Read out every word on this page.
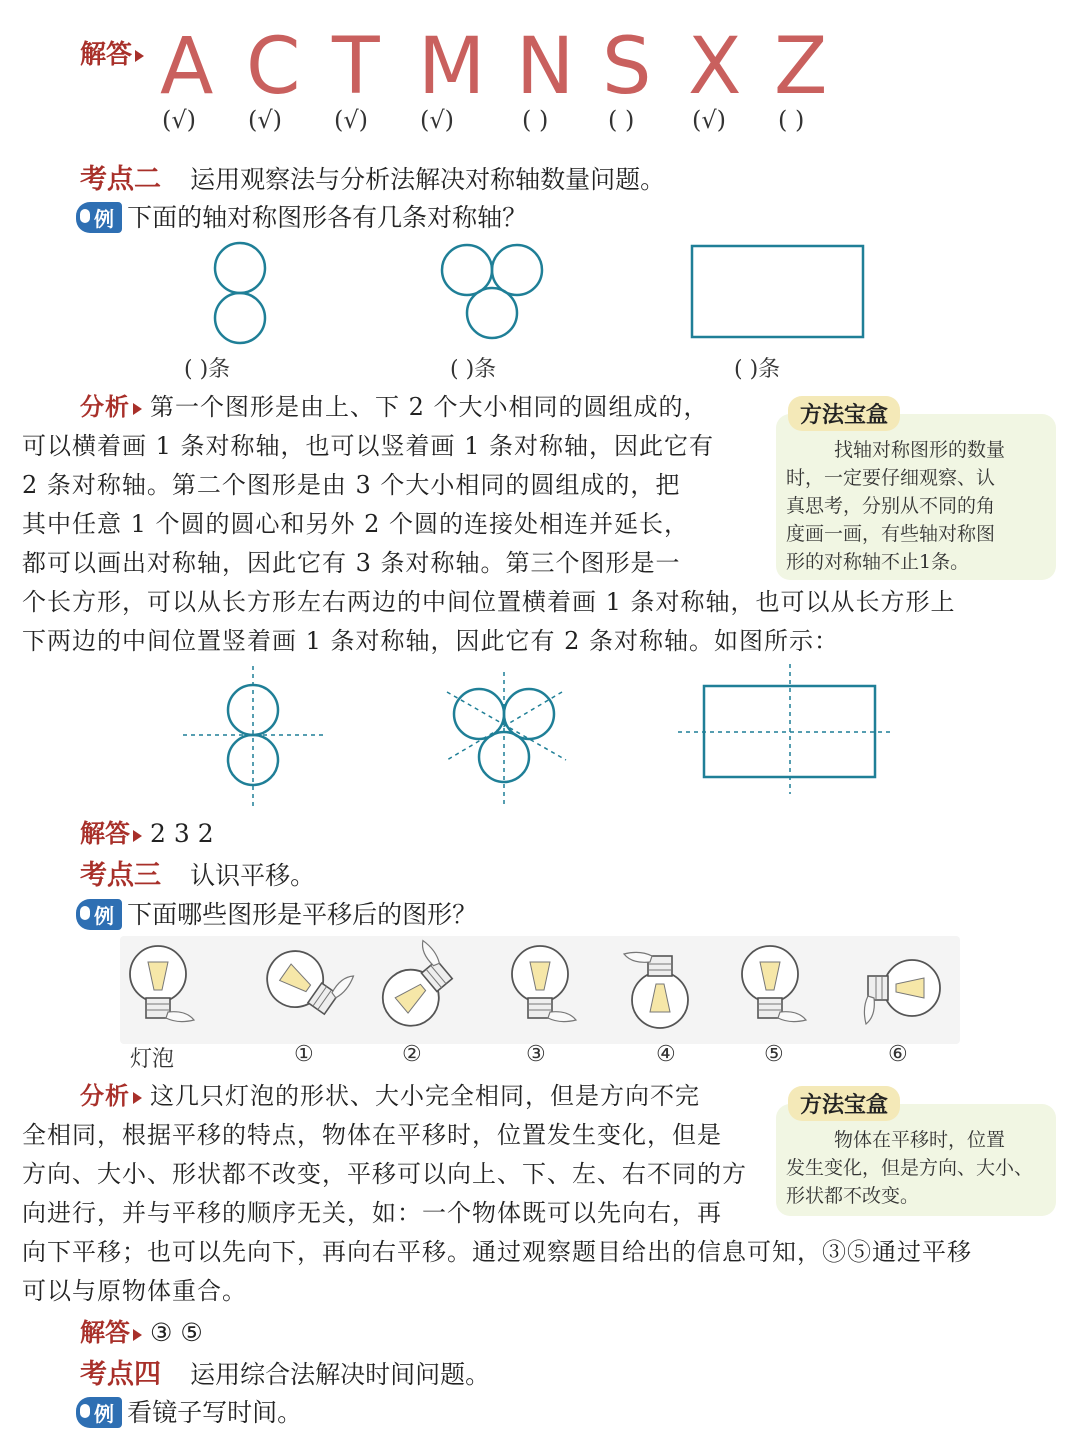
解答 A C T M N S X Z
(√) (√) (√) (√)	( ) ( ) (√) ( )
考点二 运用观察法与分析法解决对称轴数量问题。
例 下面的轴对称图形各有几条对称轴？
( )条	( )条	( )条
分析 第一个图形是由上、下 2 个大小相同的圆组成的，
可以横着画 1 条对称轴，也可以竖着画 1 条对称轴，因此它有
2 条对称轴。第二个图形是由 3 个大小相同的圆组成的，把
其中任意 1 个圆的圆心和另外 2 个圆的连接处相连并延长，
都可以画出对称轴，因此它有 3 条对称轴。第三个图形是一
个长方形，可以从长方形左右两边的中间位置横着画 1 条对称轴，也可以从长方形上
下两边的中间位置竖着画 1 条对称轴，因此它有 2 条对称轴。如图所示：
方法宝盒
找轴对称图形的数量
时，一定要仔细观察、认
真思考，分别从不同的角
度画一画，有些轴对称图
形的对称轴不止1条。
解答 2 3 2
考点三 认识平移。
例 下面哪些图形是平移后的图形？
灯泡	①	②	③	④	⑤	⑥
分析 这几只灯泡的形状、大小完全相同，但是方向不完
全相同，根据平移的特点，物体在平移时，位置发生变化，但是
方向、大小、形状都不改变，平移可以向上、下、左、右不同的方
向进行，并与平移的顺序无关，如：一个物体既可以先向右，再
向下平移；也可以先向下，再向右平移。通过观察题目给出的信息可知，③⑤通过平移
可以与原物体重合。
方法宝盒
物体在平移时，位置
发生变化，但是方向、大小、
形状都不改变。
解答 ③ ⑤
考点四 运用综合法解决时间问题。
例 看镜子写时间。
